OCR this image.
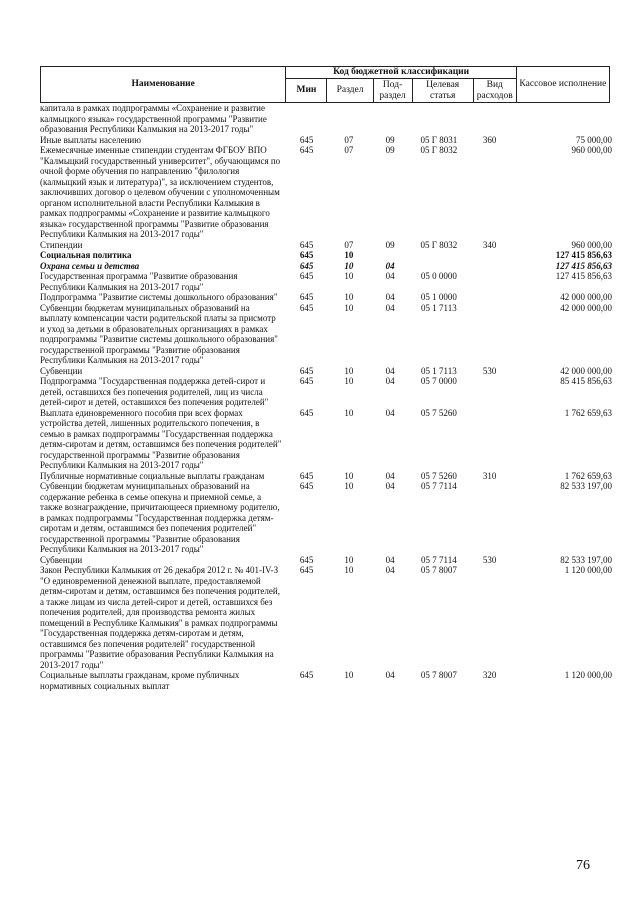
Наименование	Код бюджетной классификации					Кассовое исполнение
	Мин	Раздел	Под-раздел	Целевая статья	Вид расходов	
капитала в рамках подпрограммы «Сохранение и развитие калмыцкого языка» государственной программы "Развитие образования Республики Калмыкия на 2013-2017 годы"						
Иные выплаты населению	645	07	09	05 Г 8031	360	75 000,00
Ежемесячные именные стипендии студентам ФГБОУ ВПО "Калмыцкий государственный университет", обучающимся по очной форме обучения по направлению "филология (калмыцкий язык и литература)", за исключением студентов, заключивших договор о целевом обучении с уполномоченным органом исполнительной власти Республики Калмыкия в рамках подпрограммы «Сохранение и развитие калмыцкого языка» государственной программы "Развитие образования Республики Калмыкия на 2013-2017 годы"	645	07	09	05 Г 8032		960 000,00
Стипендии	645	07	09	05 Г 8032	340	960 000,00
Социальная политика	645	10				127 415 856,63
Охрана семьи и детства	645	10	04			127 415 856,63
Государственная программа "Развитие образования Республики Калмыкия на 2013-2017 годы"	645	10	04	05 0 0000		127 415 856,63
Подпрограмма "Развитие системы дошкольного образования"	645	10	04	05 1 0000		42 000 000,00
Субвенции бюджетам муниципальных образований на выплату компенсации части родительской платы за присмотр и уход за детьми в образовательных организациях в рамках подпрограммы "Развитие системы дошкольного образования" государственной программы "Развитие образования Республики Калмыкия на 2013-2017 годы"	645	10	04	05 1 7113		42 000 000,00
Субвенции	645	10	04	05 1 7113	530	42 000 000,00
Подпрограмма "Государственная поддержка детей-сирот и детей, оставшихся без попечения родителей, лиц из числа детей-сирот и детей, оставшихся без попечения родителей"	645	10	04	05 7 0000		85 415 856,63
Выплата единовременного пособия при всех формах устройства детей, лишенных родительского попечения, в семью в рамках подпрограммы "Государственная поддержка детям-сиротам и детям, оставшимся без попечения родителей" государственной программы "Развитие образования Республики Калмыкия на 2013-2017 годы"	645	10	04	05 7 5260		1 762 659,63
Публичные нормативные социальные выплаты гражданам	645	10	04	05 7 5260	310	1 762 659,63
Субвенции бюджетам муниципальных образований на содержание ребенка в семье опекуна и приемной семье, а также вознаграждение, причитающееся приемному родителю, в рамках подпрограммы "Государственная поддержка детям-сиротам и детям, оставшимся без попечения родителей" государственной программы "Развитие образования Республики Калмыкия на 2013-2017 годы"	645	10	04	05 7 7114		82 533 197,00
Субвенции	645	10	04	05 7 7114	530	82 533 197,00
Закон Республики Калмыкия от 26 декабря 2012 г. № 401-IV-З "О единовременной денежной выплате, предоставляемой детям-сиротам и детям, оставшимся без попечения родителей, а также лицам из числа детей-сирот и детей, оставшихся без попечения родителей, для производства ремонта жилых помещений в Республике Калмыкия" в рамках подпрограммы "Государственная поддержка детям-сиротам и детям, оставшимся без попечения родителей" государственной программы "Развитие образования Республики Калмыкия на 2013-2017 годы"	645	10	04	05 7 8007		1 120 000,00
Социальные выплаты гражданам, кроме публичных нормативных социальных выплат	645	10	04	05 7 8007	320	1 120 000,00
76
